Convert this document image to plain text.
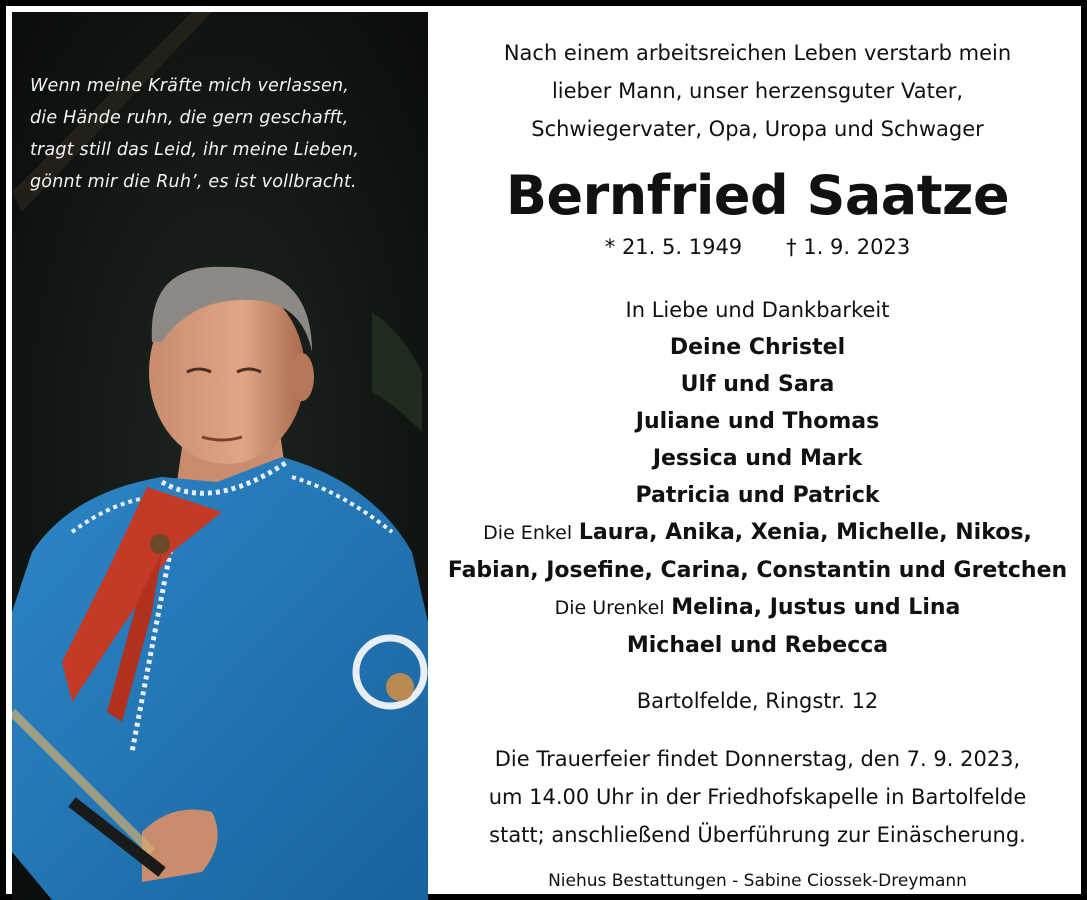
Wenn meine Kräfte mich verlassen,
die Hände ruhn, die gern geschafft,
tragt still das Leid, ihr meine Lieben,
gönnt mir die Ruh’, es ist vollbracht.
Nach einem arbeitsreichen Leben verstarb mein
lieber Mann, unser herzensguter Vater,
Schwiegervater, Opa, Uropa und Schwager
Bernfried Saatze
* 21. 5. 1949 † 1. 9. 2023
In Liebe und Dankbarkeit
Deine Christel
Ulf und Sara
Juliane und Thomas
Jessica und Mark
Patricia und Patrick
Die Enkel Laura, Anika, Xenia, Michelle, Nikos,
Fabian, Josefine, Carina, Constantin und Gretchen
Die Urenkel Melina, Justus und Lina
Michael und Rebecca
Bartolfelde, Ringstr. 12
Die Trauerfeier findet Donnerstag, den 7. 9. 2023,
um 14.00 Uhr in der Friedhofskapelle in Bartolfelde
statt; anschließend Überführung zur Einäscherung.
Niehus Bestattungen - Sabine Ciossek-Dreymann
